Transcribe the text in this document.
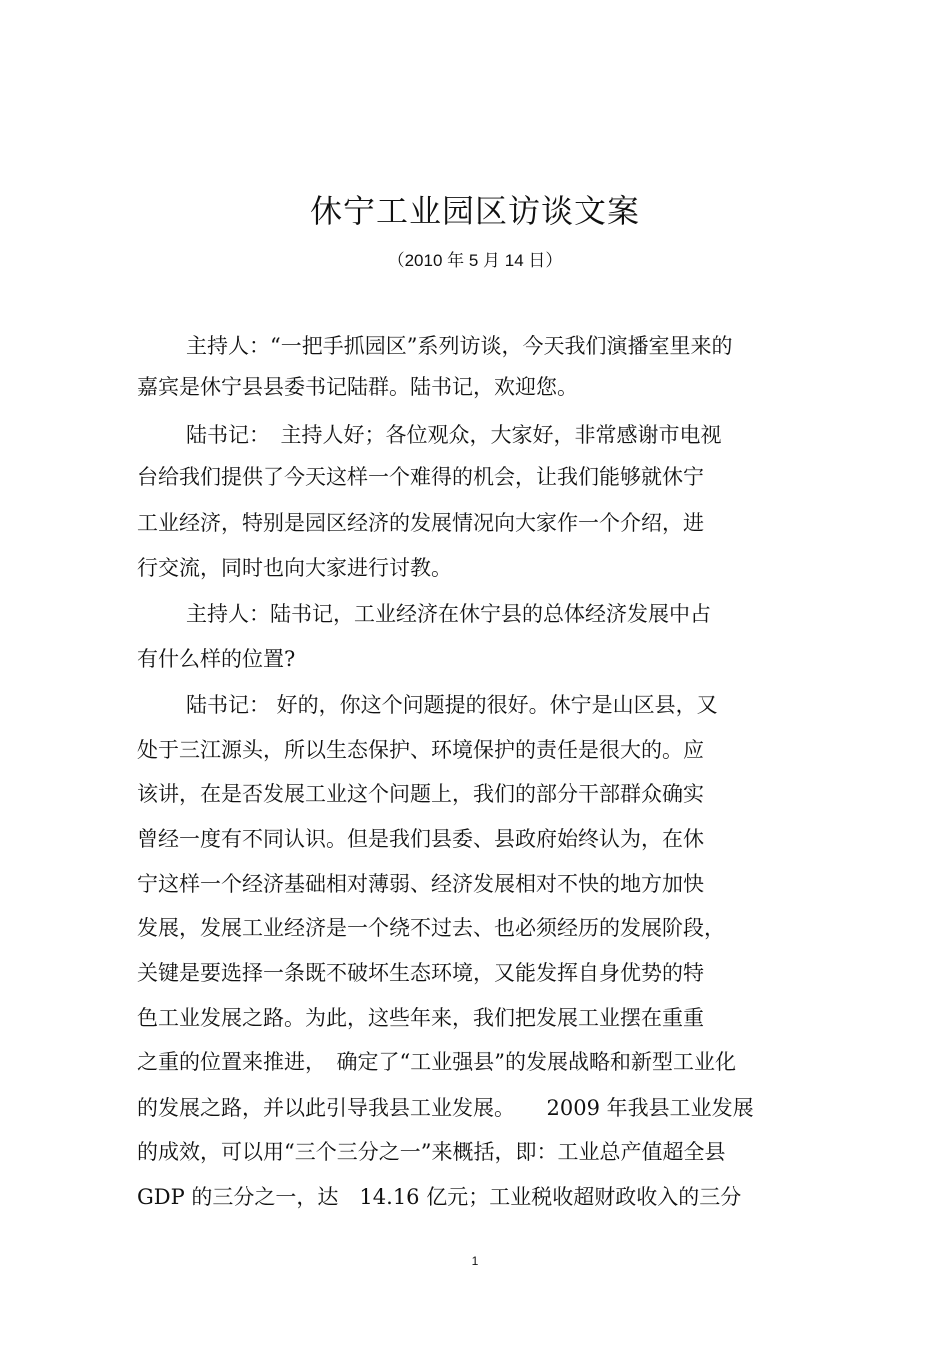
休宁工业园区访谈文案
（2010 年 5 月 14 日）
主持人：“一把手抓园区”系列访谈，今天我们演播室里来的
嘉宾是休宁县县委书记陆群。陆书记，欢迎您。
陆书记：　主持人好；各位观众，大家好，非常感谢市电视
台给我们提供了今天这样一个难得的机会，让我们能够就休宁
工业经济，特别是园区经济的发展情况向大家作一个介绍，进
行交流，同时也向大家进行讨教。
主持人：陆书记，工业经济在休宁县的总体经济发展中占
有什么样的位置?
陆书记： 好的，你这个问题提的很好。休宁是山区县，又
处于三江源头，所以生态保护、环境保护的责任是很大的。应
该讲，在是否发展工业这个问题上，我们的部分干部群众确实
曾经一度有不同认识。但是我们县委、县政府始终认为，在休
宁这样一个经济基础相对薄弱、经济发展相对不快的地方加快
发展，发展工业经济是一个绕不过去、也必须经历的发展阶段，
关键是要选择一条既不破坏生态环境，又能发挥自身优势的特
色工业发展之路。为此，这些年来，我们把发展工业摆在重重
之重的位置来推进，　确定了“工业强县”的发展战略和新型工业化
的发展之路，并以此引导我县工业发展。　　2009 年我县工业发展
的成效，可以用“三个三分之一”来概括，即：工业总产值超全县
GDP 的三分之一，达　14.16 亿元；工业税收超财政收入的三分
1
